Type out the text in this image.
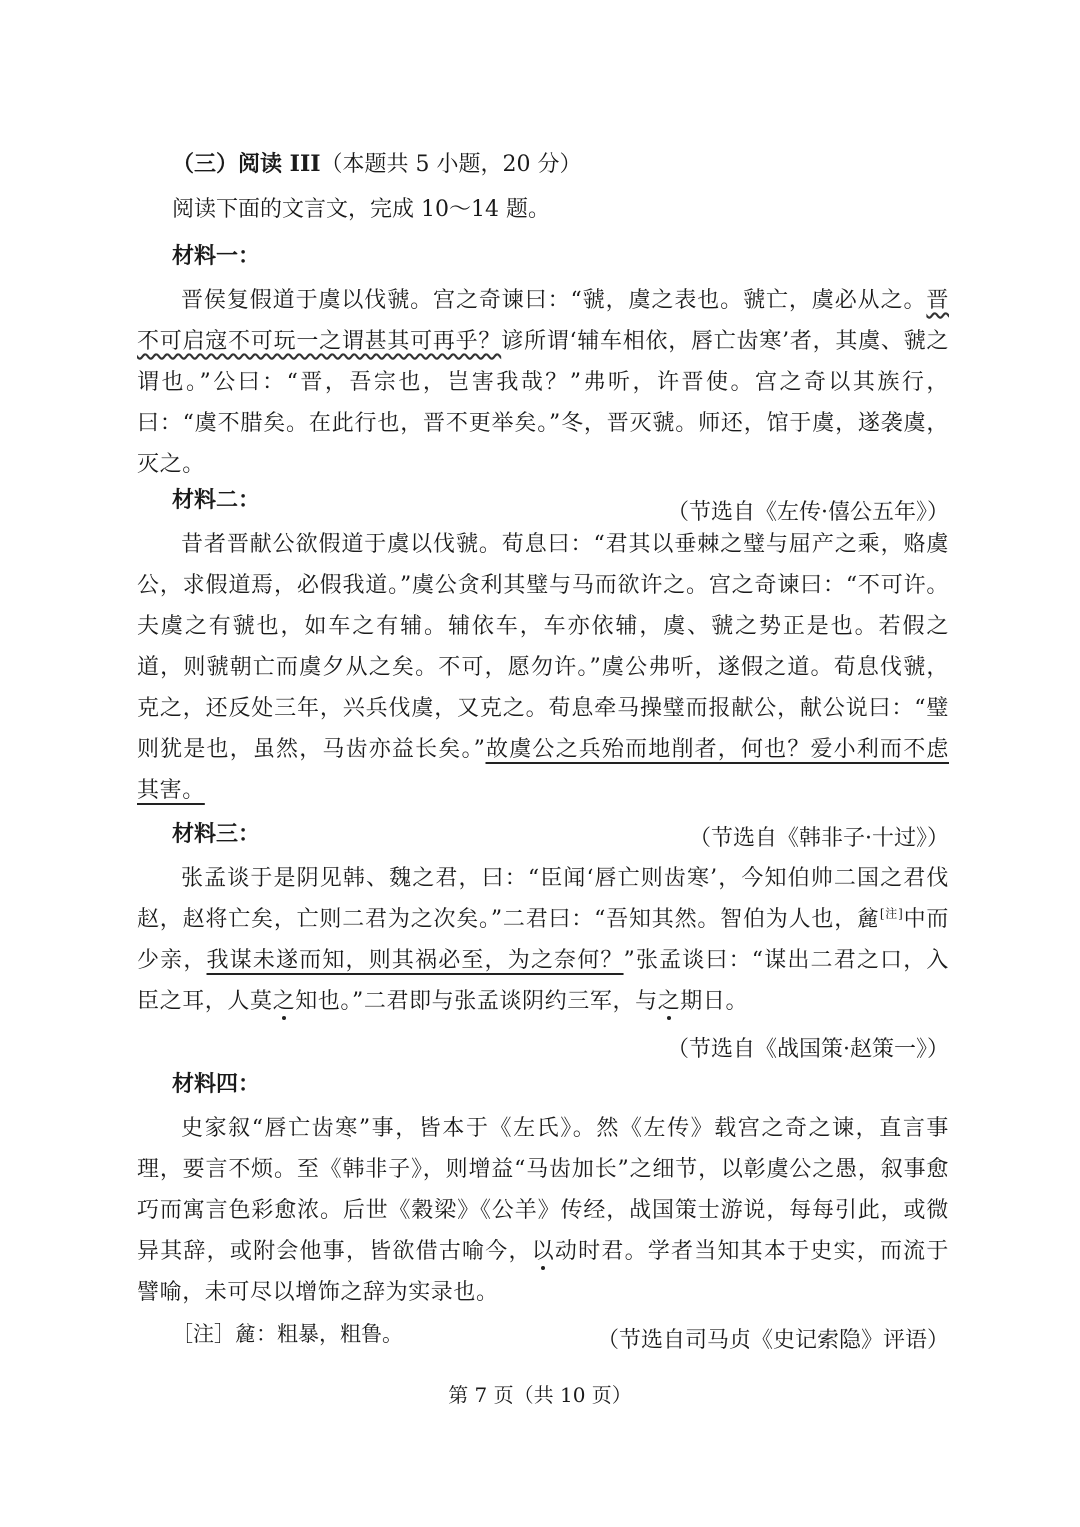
（三）阅读 III（本题共 5 小题，20 分）
阅读下面的文言文，完成 10～14 题。
材料一：

晋侯复假道于虞以伐虢。宫之奇谏曰：“虢，虞之表也。虢亡，虞必从之。晋不可启寇不可玩一之谓甚其可再乎？谚所谓‘辅车相依，唇亡齿寒’者，其虞、虢之谓也。”公曰：“晋，吾宗也，岂害我哉？”弗听，许晋使。宫之奇以其族行，曰：“虞不腊矣。在此行也，晋不更举矣。”冬，晋灭虢。师还，馆于虞，遂袭虞，灭之。

（节选自《左传·僖公五年》）
材料二：

昔者晋献公欲假道于虞以伐虢。荀息曰：“君其以垂棘之璧与屈产之乘，赂虞公，求假道焉，必假我道。”虞公贪利其璧与马而欲许之。宫之奇谏曰：“不可许。夫虞之有虢也，如车之有辅。辅依车，车亦依辅，虞、虢之势正是也。若假之道，则虢朝亡而虞夕从之矣。不可，愿勿许。”虞公弗听，遂假之道。荀息伐虢，克之，还反处三年，兴兵伐虞，又克之。荀息牵马操璧而报献公，献公说曰：“璧则犹是也，虽然，马齿亦益长矣。”故虞公之兵殆而地削者，何也？爱小利而不虑其害。

（节选自《韩非子·十过》）
材料三：

张孟谈于是阴见韩、魏之君，曰：“臣闻‘唇亡则齿寒’，今知伯帅二国之君伐赵，赵将亡矣，亡则二君为之次矣。”二君曰：“吾知其然。智伯为人也，麄[注]中而少亲，我谋未遂而知，则其祸必至，为之奈何？”张孟谈曰：“谋出二君之口，入臣之耳，人莫之知也。”二君即与张孟谈阴约三军，与之期日。

（节选自《战国策·赵策一》）
材料四：

史家叙“唇亡齿寒”事，皆本于《左氏》。然《左传》载宫之奇之谏，直言事理，要言不烦。至《韩非子》，则增益“马齿加长”之细节，以彰虞公之愚，叙事愈巧而寓言色彩愈浓。后世《穀梁》《公羊》传经，战国策士游说，每每引此，或微异其辞，或附会他事，皆欲借古喻今，以动时君。学者当知其本于史实，而流于譬喻，未可尽以增饰之辞为实录也。

（节选自司马贞《史记索隐》评语）
［注］麄：粗暴，粗鲁。
第 7 页（共 10 页）
